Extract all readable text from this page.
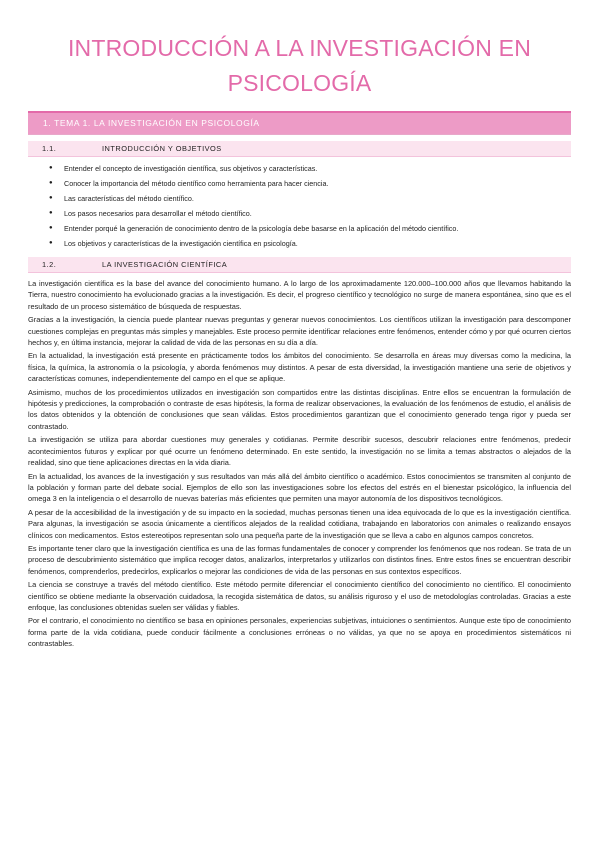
INTRODUCCIÓN A LA INVESTIGACIÓN EN PSICOLOGÍA
1. TEMA 1. LA INVESTIGACIÓN EN PSICOLOGÍA
1.1.	INTRODUCCIÓN Y OBJETIVOS
● Entender el concepto de investigación científica, sus objetivos y características.
● Conocer la importancia del método científico como herramienta para hacer ciencia.
● Las características del método científico.
● Los pasos necesarios para desarrollar el método científico.
● Entender porqué la generación de conocimiento dentro de la psicología debe basarse en la aplicación del método científico.
● Los objetivos y características de la investigación científica en psicología.
1.2.	LA INVESTIGACIÓN CIENTÍFICA

La investigación científica es la base del avance del conocimiento humano. A lo largo de los aproximadamente 120.000–100.000 años que llevamos habitando la Tierra, nuestro conocimiento ha evolucionado gracias a la investigación. Es decir, el progreso científico y tecnológico no surge de manera espontánea, sino que es el resultado de un proceso sistemático de búsqueda de respuestas.

Gracias a la investigación, la ciencia puede plantear nuevas preguntas y generar nuevos conocimientos. Los científicos utilizan la investigación para descomponer cuestiones complejas en preguntas más simples y manejables. Este proceso permite identificar relaciones entre fenómenos, entender cómo y por qué ocurren ciertos hechos y, en última instancia, mejorar la calidad de vida de las personas en su día a día.

En la actualidad, la investigación está presente en prácticamente todos los ámbitos del conocimiento. Se desarrolla en áreas muy diversas como la medicina, la física, la química, la astronomía o la psicología, y aborda fenómenos muy distintos. A pesar de esta diversidad, la investigación mantiene una serie de objetivos y características comunes, independientemente del campo en el que se aplique.

Asimismo, muchos de los procedimientos utilizados en investigación son compartidos entre las distintas disciplinas. Entre ellos se encuentran la formulación de hipótesis y predicciones, la comprobación o contraste de esas hipótesis, la forma de realizar observaciones, la evaluación de los fenómenos de estudio, el análisis de los datos obtenidos y la obtención de conclusiones que sean válidas. Estos procedimientos garantizan que el conocimiento generado tenga rigor y pueda ser contrastado.

La investigación se utiliza para abordar cuestiones muy generales y cotidianas. Permite describir sucesos, descubrir relaciones entre fenómenos, predecir acontecimientos futuros y explicar por qué ocurre un fenómeno determinado. En este sentido, la investigación no se limita a temas abstractos o alejados de la realidad, sino que tiene aplicaciones directas en la vida diaria.

En la actualidad, los avances de la investigación y sus resultados van más allá del ámbito científico o académico. Estos conocimientos se transmiten al conjunto de la población y forman parte del debate social. Ejemplos de ello son las investigaciones sobre los efectos del estrés en el bienestar psicológico, la influencia del omega 3 en la inteligencia o el desarrollo de nuevas baterías más eficientes que permiten una mayor autonomía de los dispositivos tecnológicos.

A pesar de la accesibilidad de la investigación y de su impacto en la sociedad, muchas personas tienen una idea equivocada de lo que es la investigación científica. Para algunas, la investigación se asocia únicamente a científicos alejados de la realidad cotidiana, trabajando en laboratorios con animales o realizando ensayos clínicos con medicamentos. Estos estereotipos representan solo una pequeña parte de la investigación que se lleva a cabo en algunos campos concretos.

Es importante tener claro que la investigación científica es una de las formas fundamentales de conocer y comprender los fenómenos que nos rodean. Se trata de un proceso de descubrimiento sistemático que implica recoger datos, analizarlos, interpretarlos y utilizarlos con distintos fines. Entre estos fines se encuentran describir fenómenos, comprenderlos, predecirlos, explicarlos o mejorar las condiciones de vida de las personas en sus contextos específicos.

La ciencia se construye a través del método científico. Este método permite diferenciar el conocimiento científico del conocimiento no científico. El conocimiento científico se obtiene mediante la observación cuidadosa, la recogida sistemática de datos, su análisis riguroso y el uso de metodologías controladas. Gracias a este enfoque, las conclusiones obtenidas suelen ser válidas y fiables.

Por el contrario, el conocimiento no científico se basa en opiniones personales, experiencias subjetivas, intuiciones o sentimientos. Aunque este tipo de conocimiento forma parte de la vida cotidiana, puede conducir fácilmente a conclusiones erróneas o no válidas, ya que no se apoya en procedimientos sistemáticos ni contrastables.
